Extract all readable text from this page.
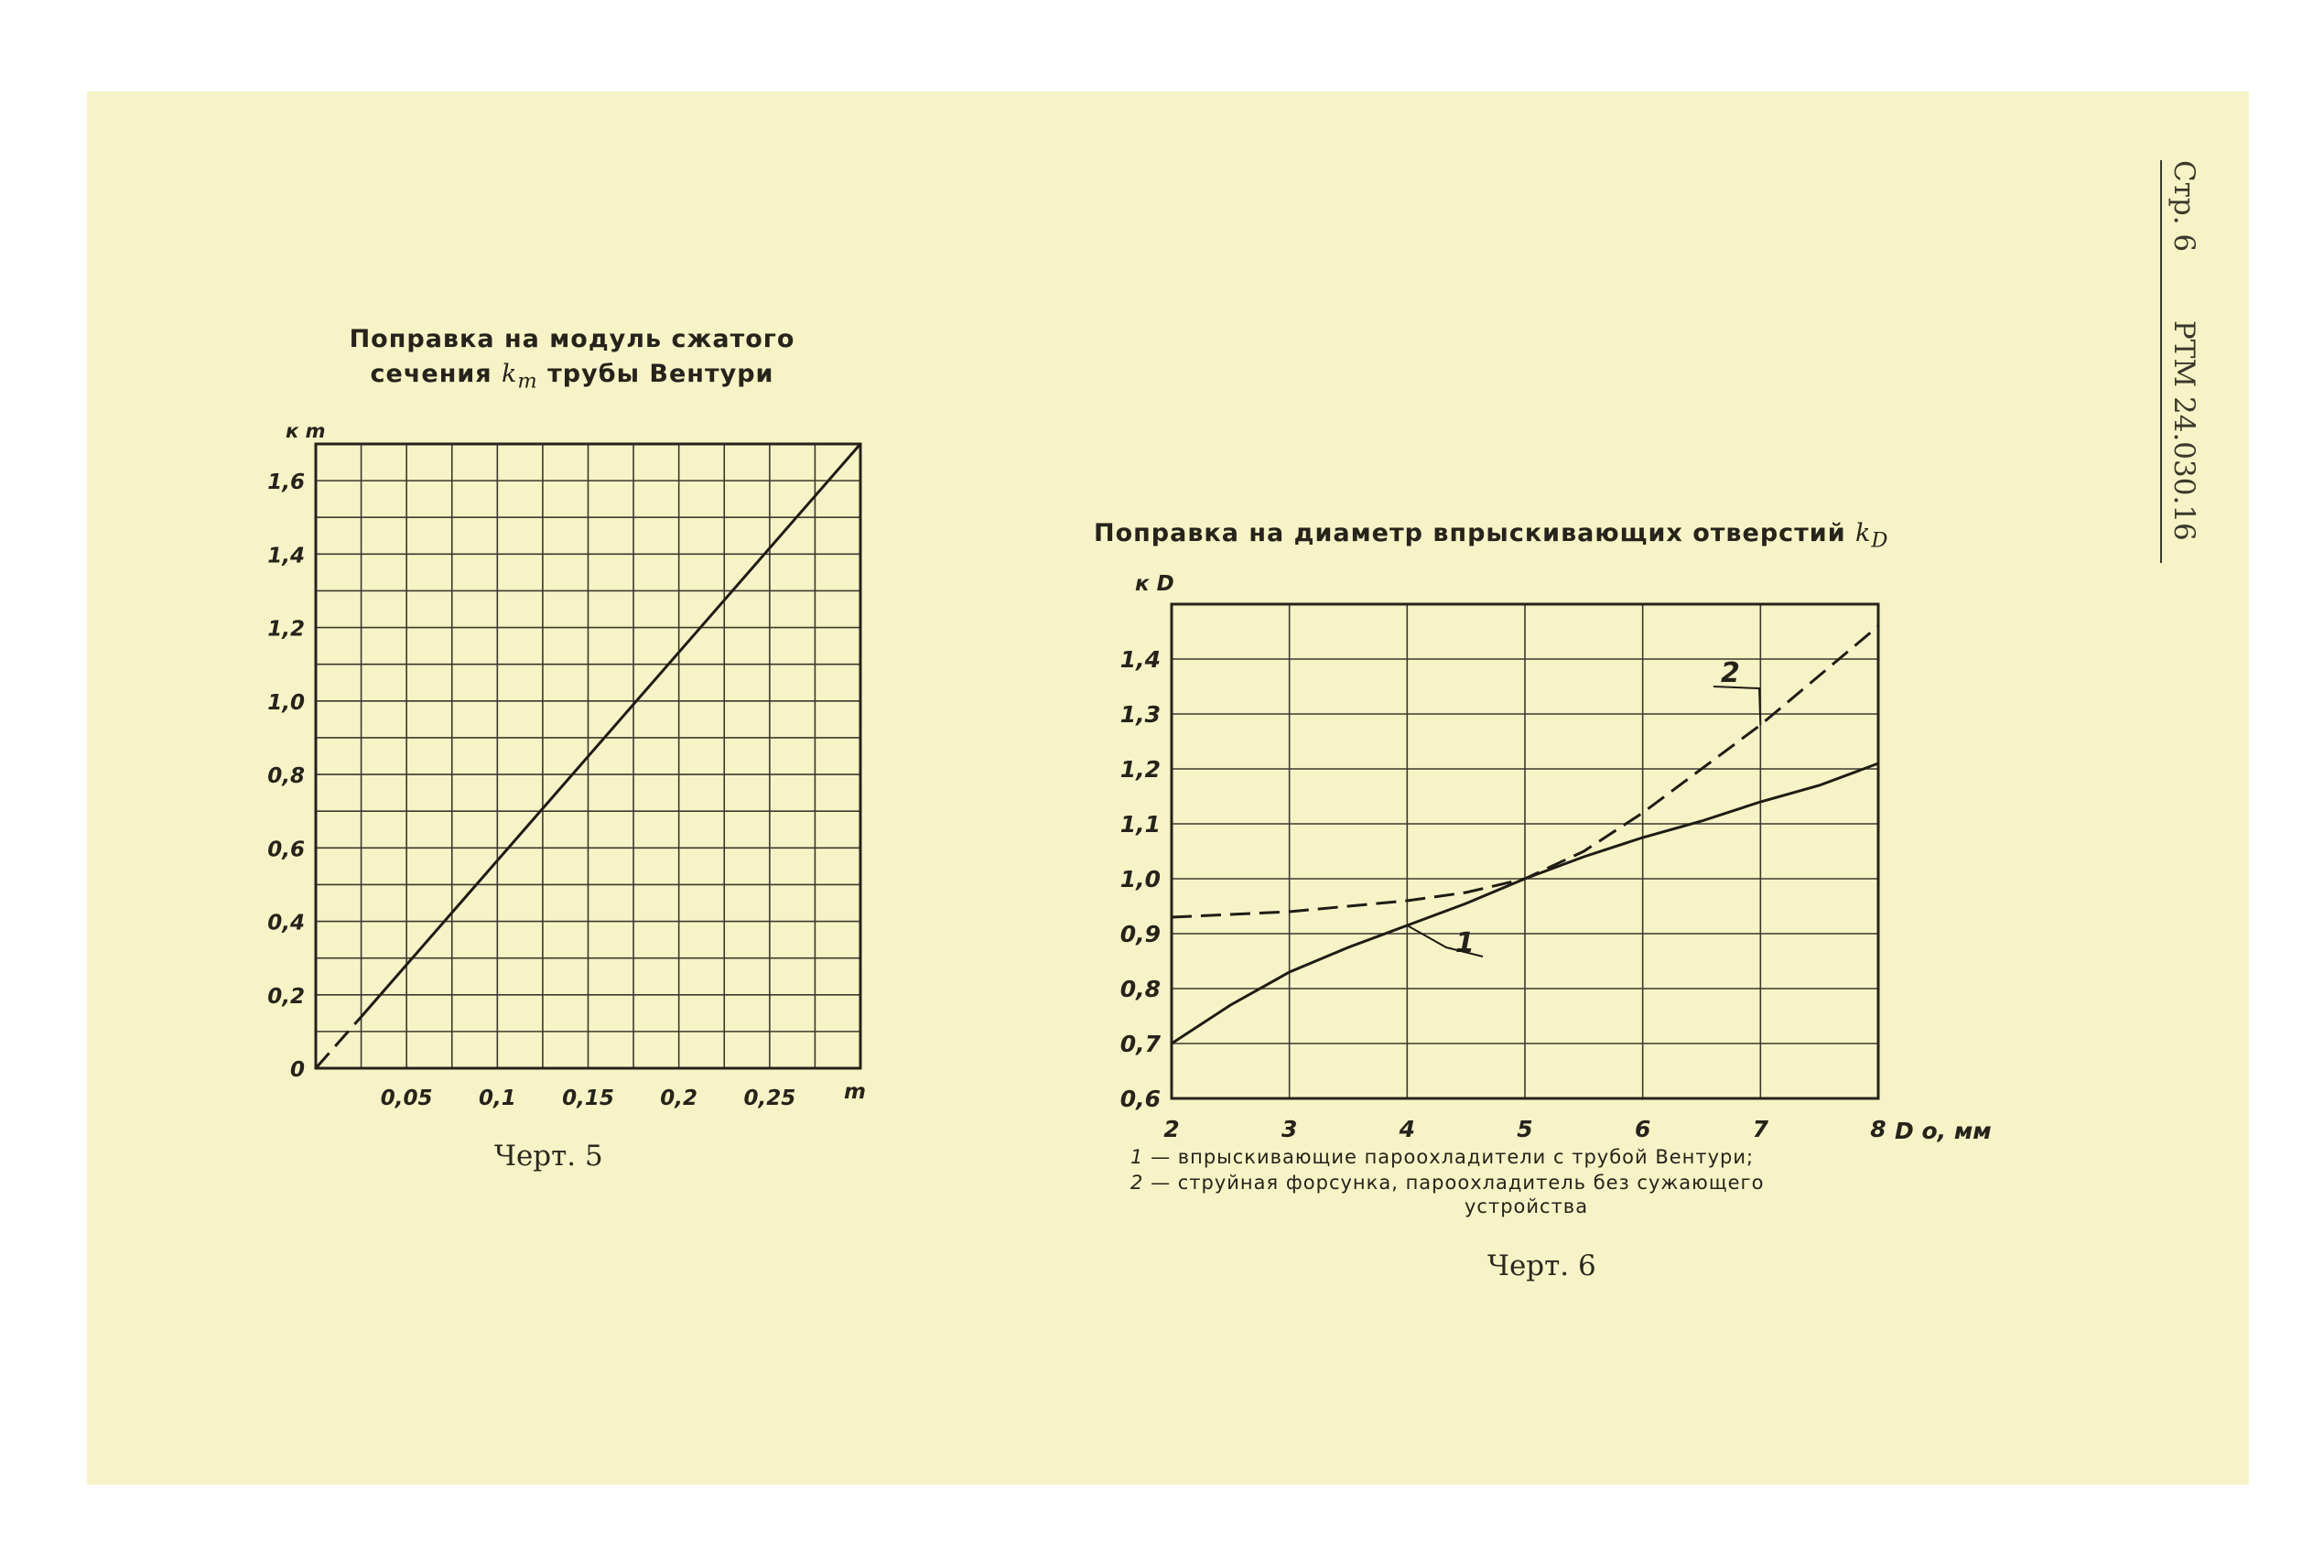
Стр. 6  РТМ 24.030.16
Поправка на модуль сжатого сечения $k_m$ трубы Вентури
Поправка на диаметр впрыскивающих отверстий $k_D$
0
0,2
0,4
0,6
0,8
1,0
1,2
1,4
1,6
0,05 0,1 0,15 0,2 0,25
к m
m	0,6
0,7
0,8
0,9
1,0
1,1
1,2
1,3
1,4
2	3	4	5	6	7	8
к D
D o, мм
1
2
Черт. 5
Черт. 6
1 — впрыскивающие пароохладители с трубой Вентури;
2 — струйная форсунка, пароохладитель без сужающего
устройства
